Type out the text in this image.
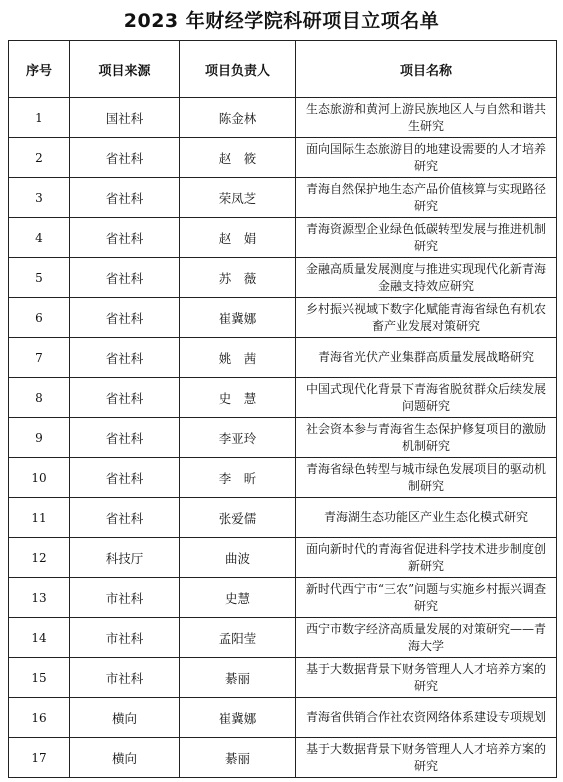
2023 年财经学院科研项目立项名单
序号	项目来源	项目负责人	项目名称
1	国社科	陈金林	生态旅游和黄河上游民族地区人与自然和谐共生研究
2	省社科	赵　筱	面向国际生态旅游目的地建设需要的人才培养研究
3	省社科	荣凤芝	青海自然保护地生态产品价值核算与实现路径研究
4	省社科	赵　娟	青海资源型企业绿色低碳转型发展与推进机制研究
5	省社科	苏　薇	金融高质量发展测度与推进实现现代化新青海金融支持效应研究
6	省社科	崔冀娜	乡村振兴视域下数字化赋能青海省绿色有机农畜产业发展对策研究
7	省社科	姚　茜	青海省光伏产业集群高质量发展战略研究
8	省社科	史　慧	中国式现代化背景下青海省脱贫群众后续发展问题研究
9	省社科	李亚玲	社会资本参与青海省生态保护修复项目的激励机制研究
10	省社科	李　昕	青海省绿色转型与城市绿色发展项目的驱动机制研究
11	省社科	张爱儒	青海湖生态功能区产业生态化模式研究
12	科技厅	曲波	面向新时代的青海省促进科学技术进步制度创新研究
13	市社科	史慧	新时代西宁市“三农”问题与实施乡村振兴调查研究
14	市社科	孟阳莹	西宁市数字经济高质量发展的对策研究——青海大学
15	市社科	綦丽	基于大数据背景下财务管理人人才培养方案的研究
16	横向	崔冀娜	青海省供销合作社农资网络体系建设专项规划
17	横向	綦丽	基于大数据背景下财务管理人人才培养方案的研究
